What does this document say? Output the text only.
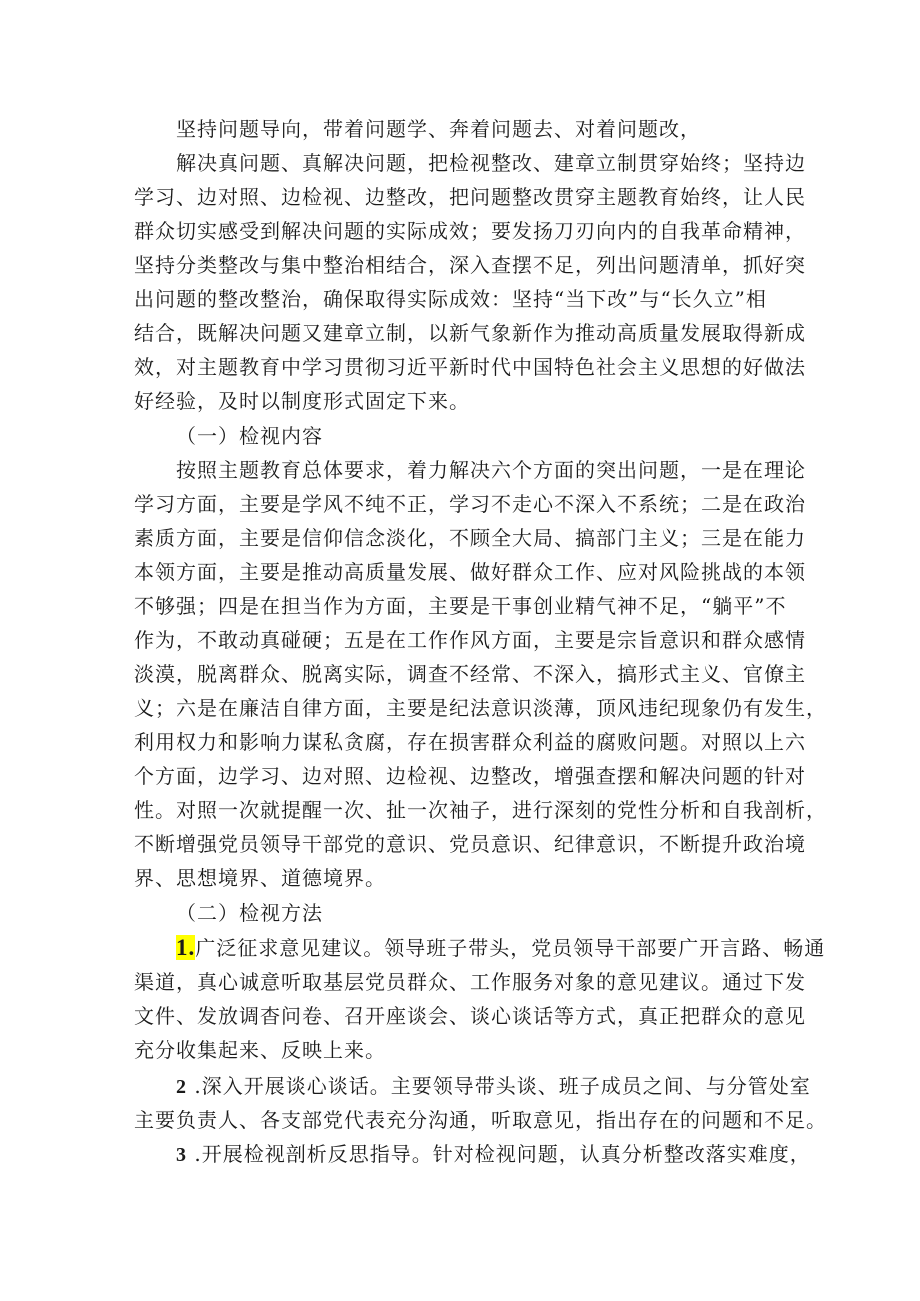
坚持问题导向，带着问题学、奔着问题去、对着问题改，
解决真问题、真解决问题，把检视整改、建章立制贯穿始终；坚持边
学习、边对照、边检视、边整改，把问题整改贯穿主题教育始终，让人民
群众切实感受到解决问题的实际成效；要发扬刀刃向内的自我革命精神，
坚持分类整改与集中整治相结合，深入查摆不足，列出问题清单，抓好突
出问题的整改整治，确保取得实际成效：坚持“当下改”与“长久立”相
结合，既解决问题又建章立制，以新气象新作为推动高质量发展取得新成
效，对主题教育中学习贯彻习近平新时代中国特色社会主义思想的好做法
好经验，及时以制度形式固定下来。
（一）检视内容
按照主题教育总体要求，着力解决六个方面的突出问题，一是在理论
学习方面，主要是学风不纯不正，学习不走心不深入不系统；二是在政治
素质方面，主要是信仰信念淡化，不顾全大局、搞部门主义；三是在能力
本领方面，主要是推动高质量发展、做好群众工作、应对风险挑战的本领
不够强；四是在担当作为方面，主要是干事创业精气神不足，“躺平”不
作为，不敢动真碰硬；五是在工作作风方面，主要是宗旨意识和群众感情
淡漠，脱离群众、脱离实际，调查不经常、不深入，搞形式主义、官僚主
义；六是在廉洁自律方面，主要是纪法意识淡薄，顶风违纪现象仍有发生，
利用权力和影响力谋私贪腐，存在损害群众利益的腐败问题。对照以上六
个方面，边学习、边对照、边检视、边整改，增强查摆和解决问题的针对
性。对照一次就提醒一次、扯一次袖子，进行深刻的党性分析和自我剖析，
不断增强党员领导干部党的意识、党员意识、纪律意识，不断提升政治境
界、思想境界、道德境界。
（二）检视方法
1.广泛征求意见建议。领导班子带头，党员领导干部要广开言路、畅通
渠道，真心诚意听取基层党员群众、工作服务对象的意见建议。通过下发
文件、发放调杳问卷、召开座谈会、谈心谈话等方式，真正把群众的意见
充分收集起来、反映上来。
2 .深入开展谈心谈话。主要领导带头谈、班子成员之间、与分管处室
主要负责人、各支部党代表充分沟通，听取意见，指出存在的问题和不足。
3 .开展检视剖析反思指导。针对检视问题，认真分析整改落实难度，
